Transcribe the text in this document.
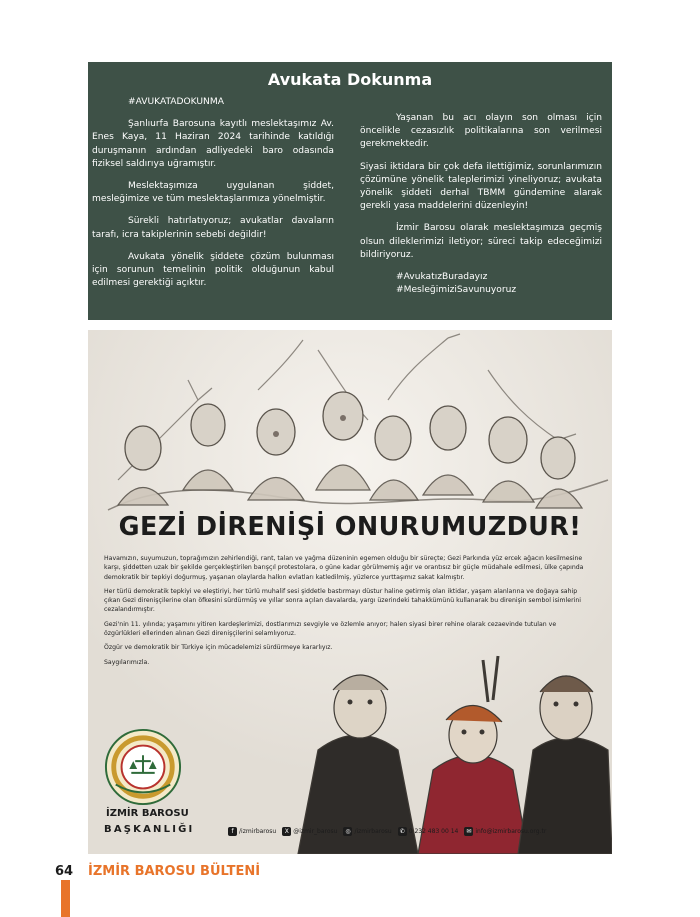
Avukata Dokunma

#AVUKATADOKUNMA

Şanlıurfa Barosuna kayıtlı meslektaşımız Av. Enes Kaya, 11 Haziran 2024 tarihinde katıldığı duruşmanın ardından adliyedeki baro odasında fiziksel saldırıya uğramıştır.

Meslektaşımıza uygulanan şiddet, mesleğimize ve tüm meslektaşlarımıza yönelmiştir.

Sürekli hatırlatıyoruz; avukatlar davaların tarafı, icra takiplerinin sebebi değildir!

Avukata yönelik şiddete çözüm bulunması için sorunun temelinin politik olduğunun kabul edilmesi gerektiği açıktır.

Yaşanan bu acı olayın son olması için öncelikle cezasızlık politikalarına son verilmesi gerekmektedir.

Siyasi iktidara bir çok defa ilettiğimiz, sorunlarımızın çözümüne yönelik taleplerimizi yineliyoruz; avukata yönelik şiddeti derhal TBMM gündemine alarak gerekli yasa maddelerini düzenleyin!

İzmir Barosu olarak meslektaşımıza geçmiş olsun dileklerimizi iletiyor; süreci takip edeceğimizi bildiriyoruz.

#AvukatızBuradayız

#MesleğimiziSavunuyoruz

GEZİ DİRENİŞİ ONURUMUZDUR!

Havamızın, suyumuzun, toprağımızın zehirlendiği, rant, talan ve yağma düzeninin egemen olduğu bir süreçte; Gezi Parkında yüz ercek ağacın kesilmesine karşı, şiddetten uzak bir şekilde gerçekleştirilen barışçıl protestolara, o güne kadar görülmemiş ağır ve orantısız bir güçle müdahale edilmesi, ülke çapında demokratik bir tepkiyi doğurmuş, yaşanan olaylarda halkın evlatları katledilmiş, yüzlerce yurttaşımız sakat kalmıştır.

Her türlü demokratik tepkiyi ve eleştiriyi, her türlü muhalif sesi şiddetle bastırmayı düstur haline getirmiş olan iktidar, yaşam alanlarına ve doğaya sahip çıkan Gezi direnişçilerine olan öfkesini sürdürmüş ve yıllar sonra açılan davalarda, yargı üzerindeki tahakkümünü kullanarak bu direnişin sembol isimlerini cezalandırmıştır.

Gezi'nin 11. yılında; yaşamını yitiren kardeşlerimizi, dostlarımızı sevgiyle ve özlemle anıyor; halen siyasi birer rehine olarak cezaevinde tutulan ve özgürlükleri ellerinden alınan Gezi direnişçilerini selamlıyoruz.

Özgür ve demokratik bir Türkiye için mücadelemizi sürdürmeye kararlıyız.

Saygılarımızla.

İZMİR BAROSU
BAŞKANLIĞI	f /izmirbarosu	X @izmir_barosu	◎ /izmirbarosu	✆ 0 232 483 00 14	✉ info@izmirbarosu.org.tr
64 İZMİR BAROSU BÜLTENİ
